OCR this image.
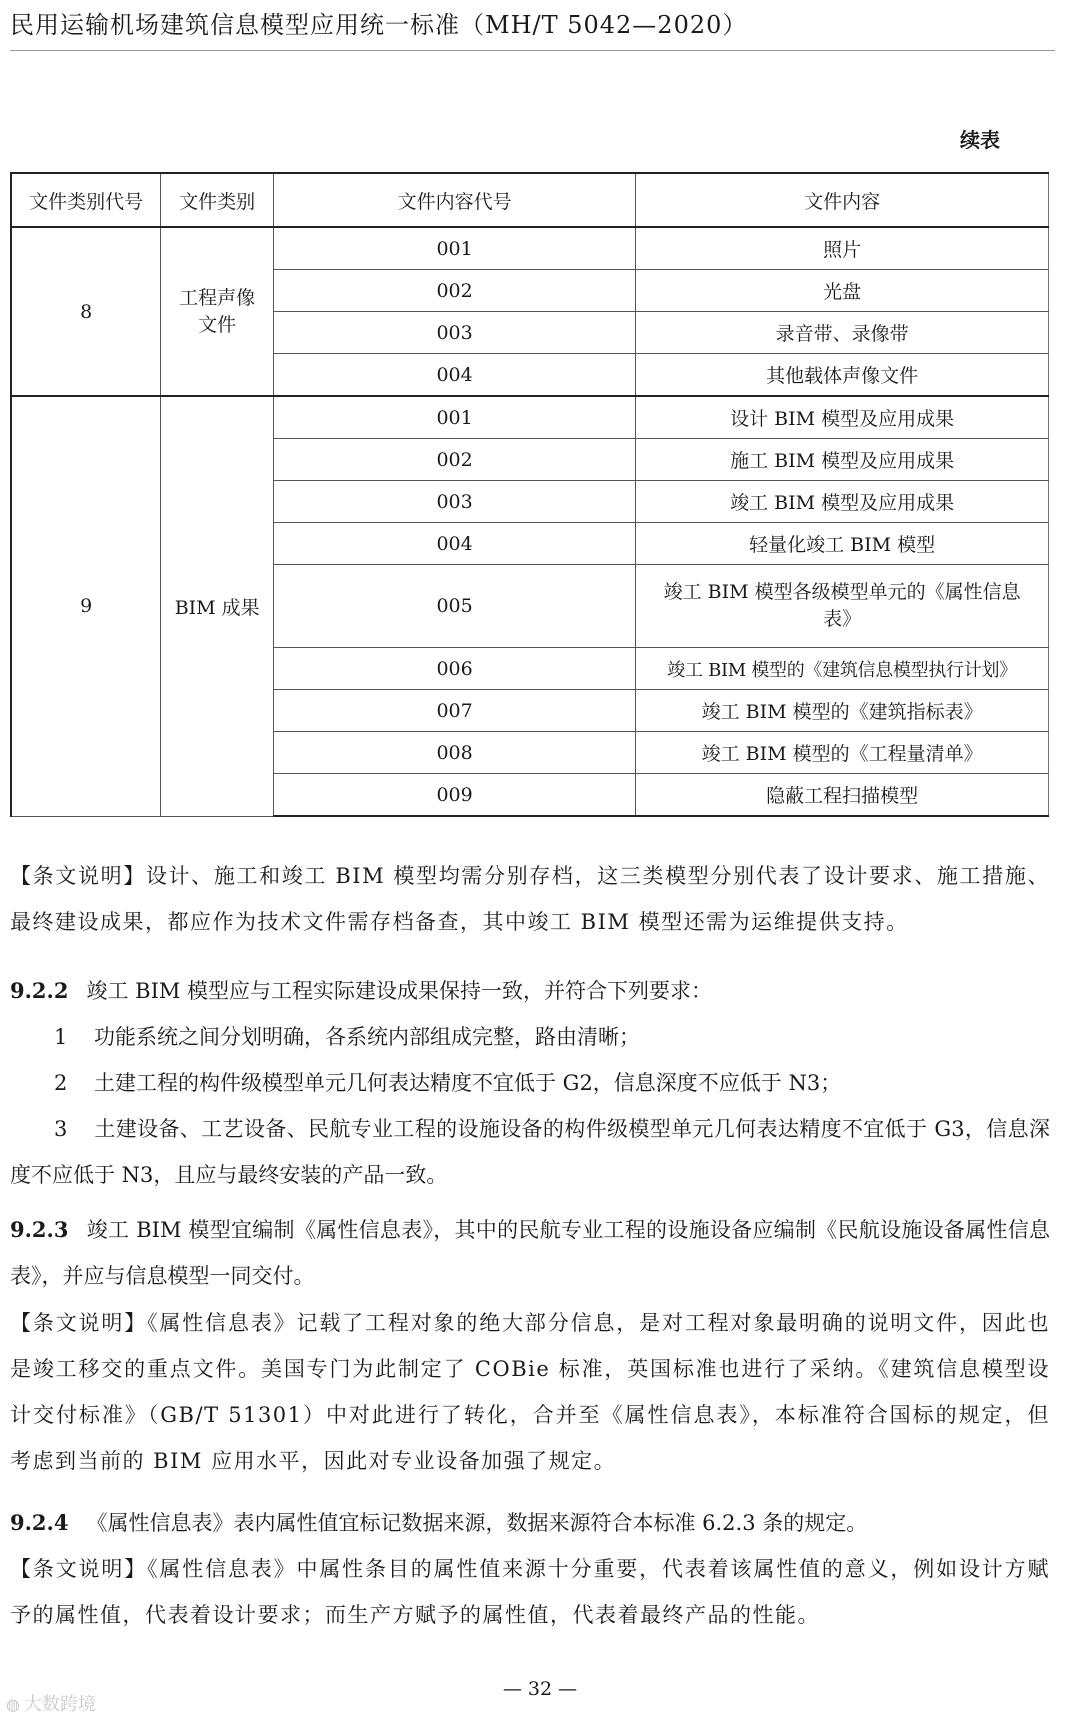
民用运输机场建筑信息模型应用统一标准（MH/T 5042—2020）
续表
文件类别代号	文件类别	文件内容代号	文件内容
8	工程声像文件	001	照片
		002	光盘
		003	录音带、录像带
		004	其他载体声像文件
9	BIM 成果	001	设计 BIM 模型及应用成果
		002	施工 BIM 模型及应用成果
		003	竣工 BIM 模型及应用成果
		004	轻量化竣工 BIM 模型
		005	竣工 BIM 模型各级模型单元的《属性信息表》
		006	竣工 BIM 模型的《建筑信息模型执行计划》
		007	竣工 BIM 模型的《建筑指标表》
		008	竣工 BIM 模型的《工程量清单》
		009	隐蔽工程扫描模型
【条文说明】设计、施工和竣工 BIM 模型均需分别存档，这三类模型分别代表了设计要求、施工措施、最终建设成果，都应作为技术文件需存档备查，其中竣工 BIM 模型还需为运维提供支持。
9.2.2 竣工 BIM 模型应与工程实际建设成果保持一致，并符合下列要求：
1 功能系统之间分划明确，各系统内部组成完整，路由清晰；
2 土建工程的构件级模型单元几何表达精度不宜低于 G2，信息深度不应低于 N3；
3 土建设备、工艺设备、民航专业工程的设施设备的构件级模型单元几何表达精度不宜低于 G3，信息深度不应低于 N3，且应与最终安装的产品一致。
9.2.3 竣工 BIM 模型宜编制《属性信息表》，其中的民航专业工程的设施设备应编制《民航设施设备属性信息表》，并应与信息模型一同交付。
【条文说明】《属性信息表》记载了工程对象的绝大部分信息，是对工程对象最明确的说明文件，因此也是竣工移交的重点文件。美国专门为此制定了 COBie 标准，英国标准也进行了采纳。《建筑信息模型设计交付标准》（GB/T 51301）中对此进行了转化，合并至《属性信息表》，本标准符合国标的规定，但考虑到当前的 BIM 应用水平，因此对专业设备加强了规定。
9.2.4 《属性信息表》表内属性值宜标记数据来源，数据来源符合本标准 6.2.3 条的规定。
【条文说明】《属性信息表》中属性条目的属性值来源十分重要，代表着该属性值的意义，例如设计方赋予的属性值，代表着设计要求；而生产方赋予的属性值，代表着最终产品的性能。
— 32 —
◍ 大数跨境
